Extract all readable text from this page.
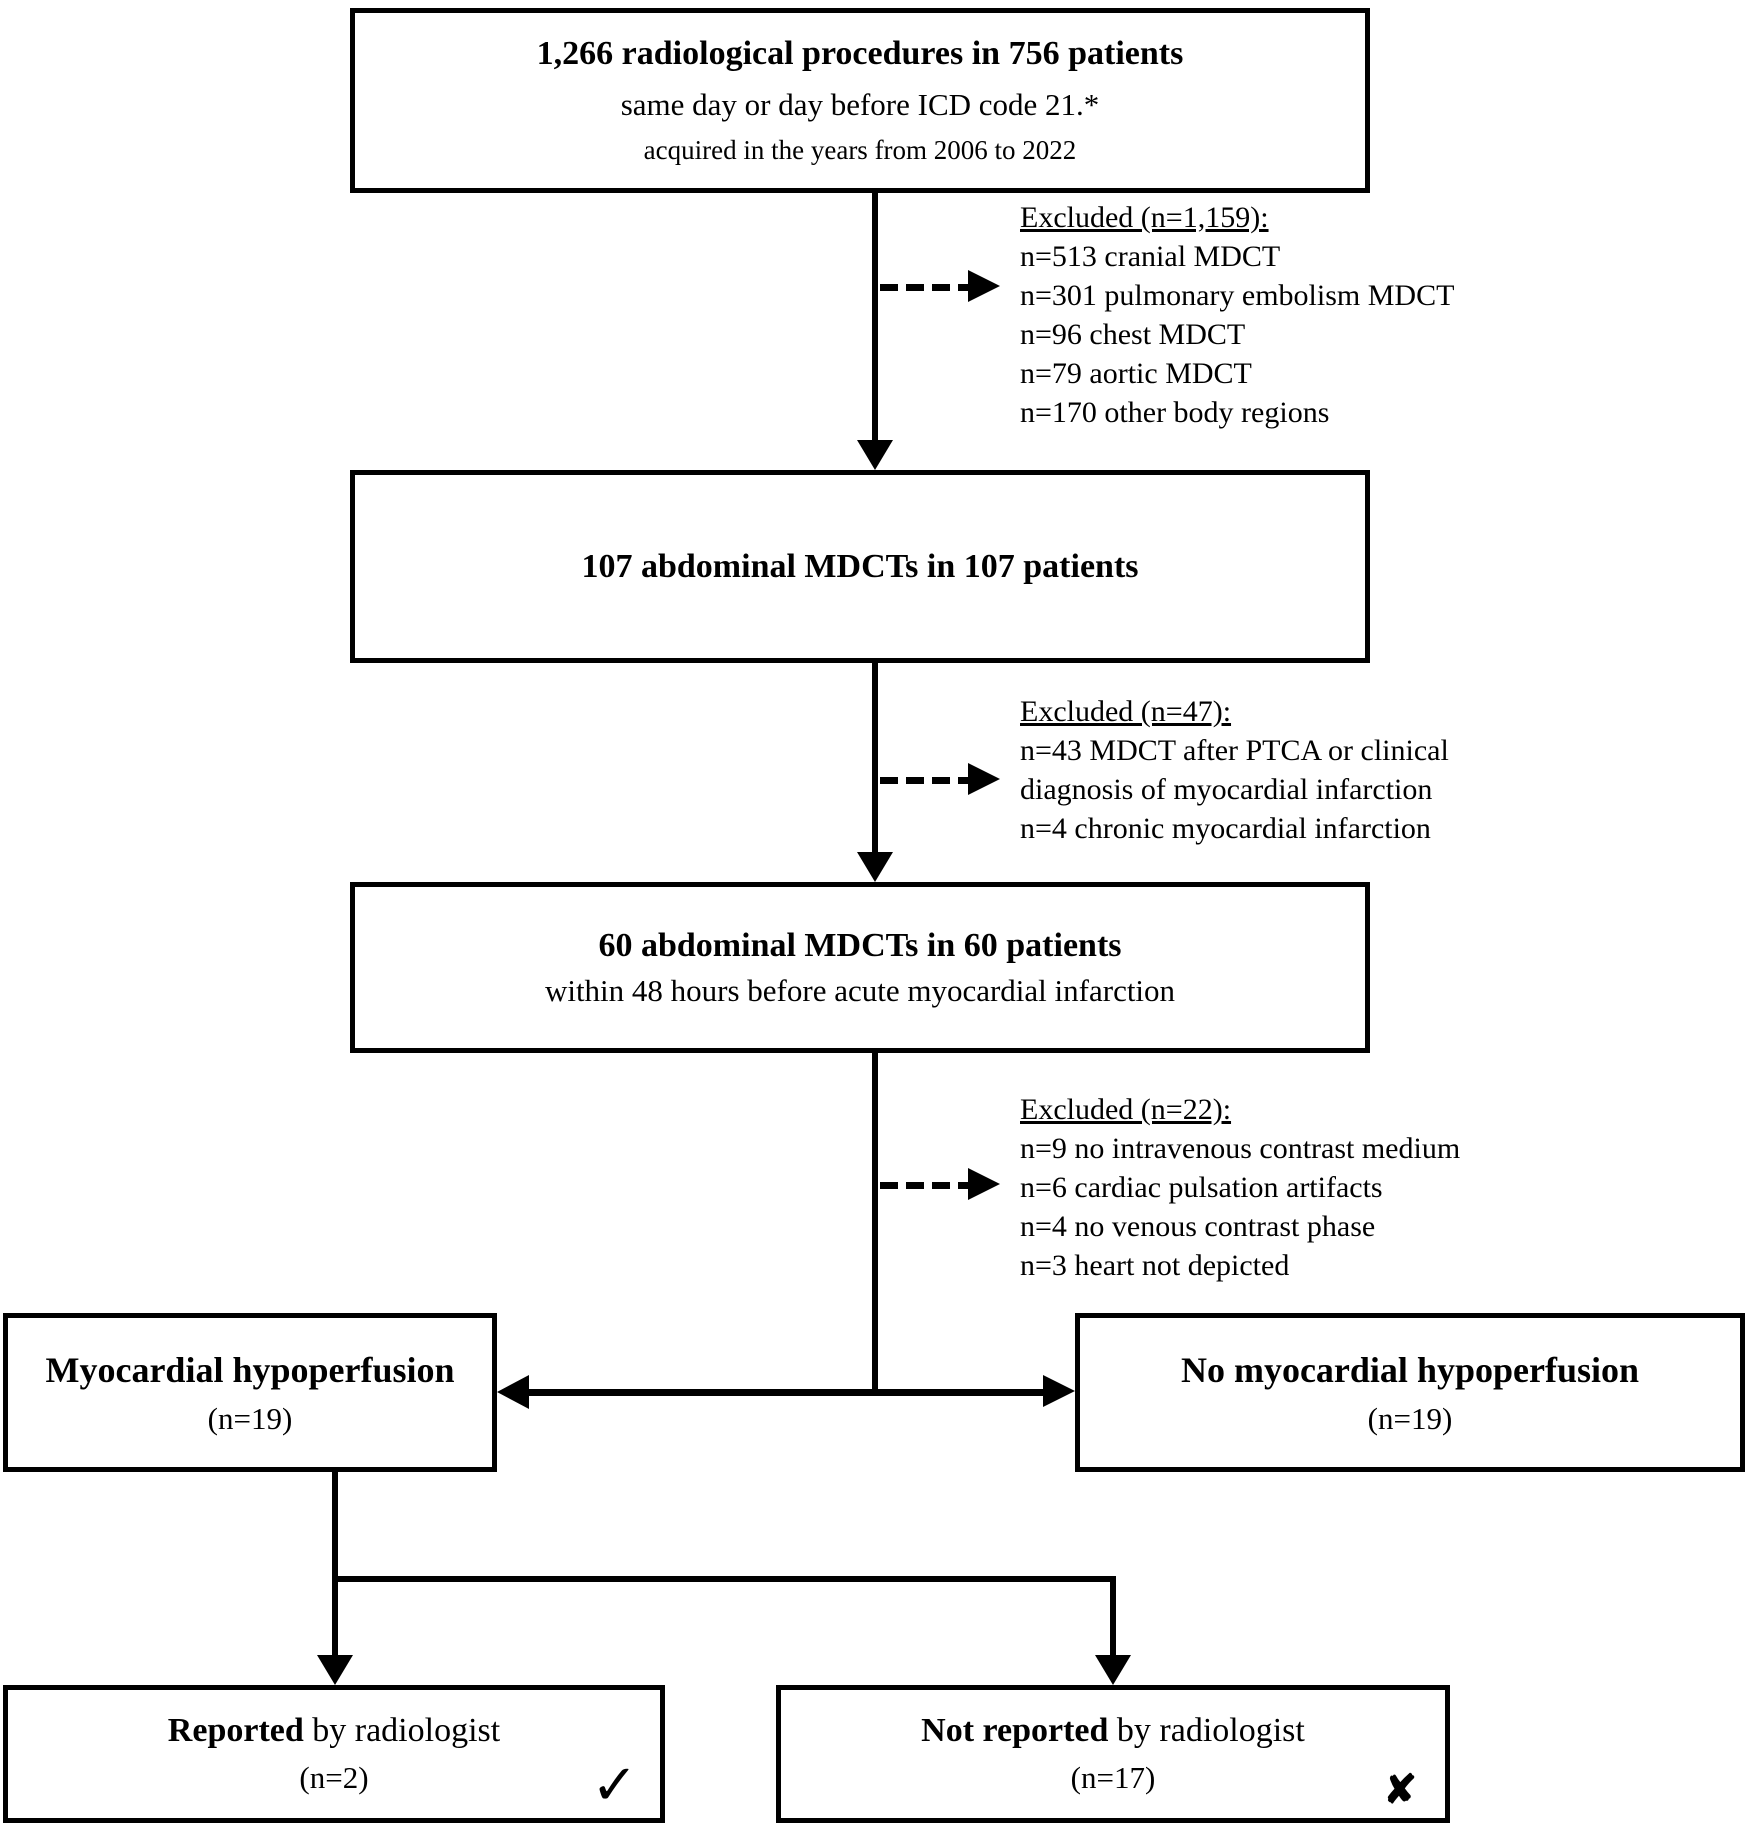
1,266 radiological procedures in 756 patients
same day or day before ICD code 21.*
acquired in the years from 2006 to 2022
Excluded (n=1,159):
n=513 cranial MDCT
n=301 pulmonary embolism MDCT
n=96 chest MDCT
n=79 aortic MDCT
n=170 other body regions
107 abdominal MDCTs in 107 patients
Excluded (n=47):
n=43 MDCT after PTCA or clinical
diagnosis of myocardial infarction
n=4 chronic myocardial infarction
60 abdominal MDCTs in 60 patients
within 48 hours before acute myocardial infarction
Excluded (n=22):
n=9 no intravenous contrast medium
n=6 cardiac pulsation artifacts
n=4 no venous contrast phase
n=3 heart not depicted
Myocardial hypoperfusion
(n=19)
No myocardial hypoperfusion
(n=19)
Reported by radiologist
(n=2)	✓
Not reported by radiologist
(n=17)	✘
